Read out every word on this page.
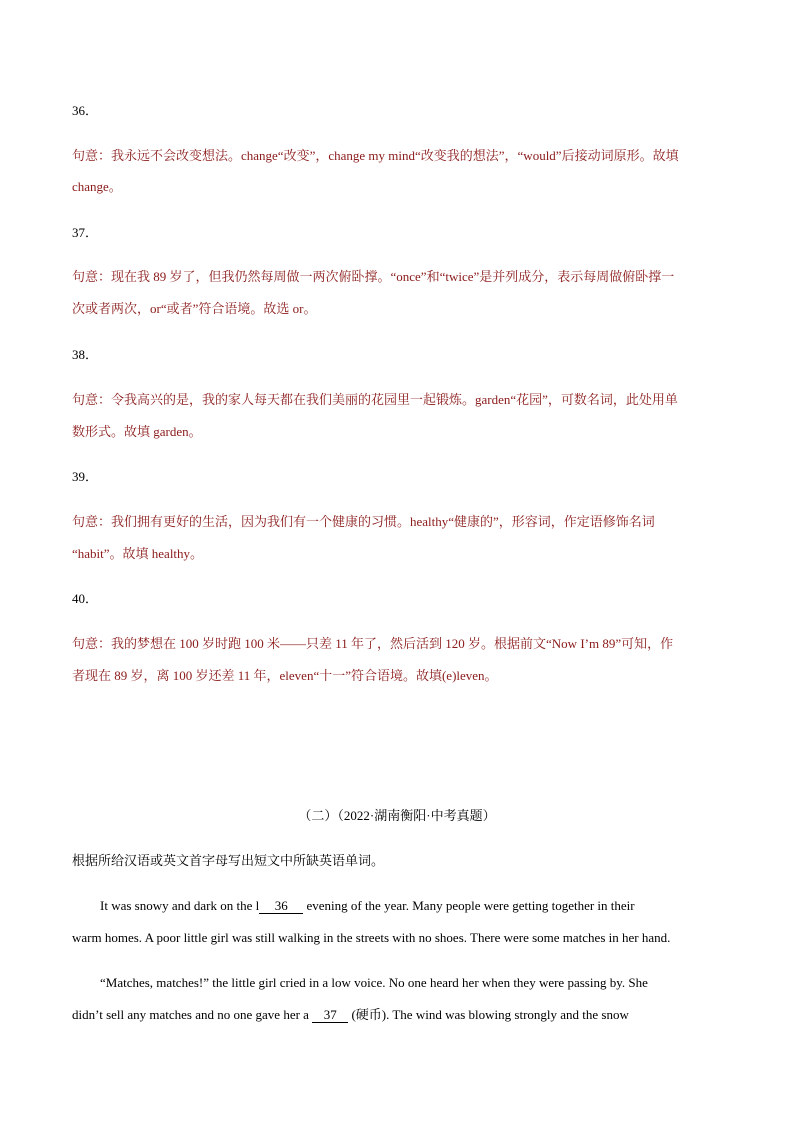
36．
句意：我永远不会改变想法。change“改变”，change my mind“改变我的想法”，“would”后接动词原形。故填
change。
37．
句意：现在我 89 岁了，但我仍然每周做一两次俯卧撑。“once”和“twice”是并列成分，表示每周做俯卧撑一
次或者两次，or“或者”符合语境。故选 or。
38．
句意：令我高兴的是，我的家人每天都在我们美丽的花园里一起锻炼。garden“花园”，可数名词，此处用单
数形式。故填 garden。
39．
句意：我们拥有更好的生活，因为我们有一个健康的习惯。healthy“健康的”，形容词，作定语修饰名词
“habit”。故填 healthy。
40．
句意：我的梦想在 100 岁时跑 100 米——只差 11 年了，然后活到 120 岁。根据前文“Now I’m 89”可知，作
者现在 89 岁，离 100 岁还差 11 年，eleven“十一”符合语境。故填(e)leven。
（二）（2022·湖南衡阳·中考真题）
根据所给汉语或英文首字母写出短文中所缺英语单词。
It was snowy and dark on the l 36 evening of the year. Many people were getting together in their
warm homes. A poor little girl was still walking in the streets with no shoes. There were some matches in her hand.
“Matches, matches!” the little girl cried in a low voice. No one heard her when they were passing by. She
didn’t sell any matches and no one gave her a 37 (硬币). The wind was blowing strongly and the snow
